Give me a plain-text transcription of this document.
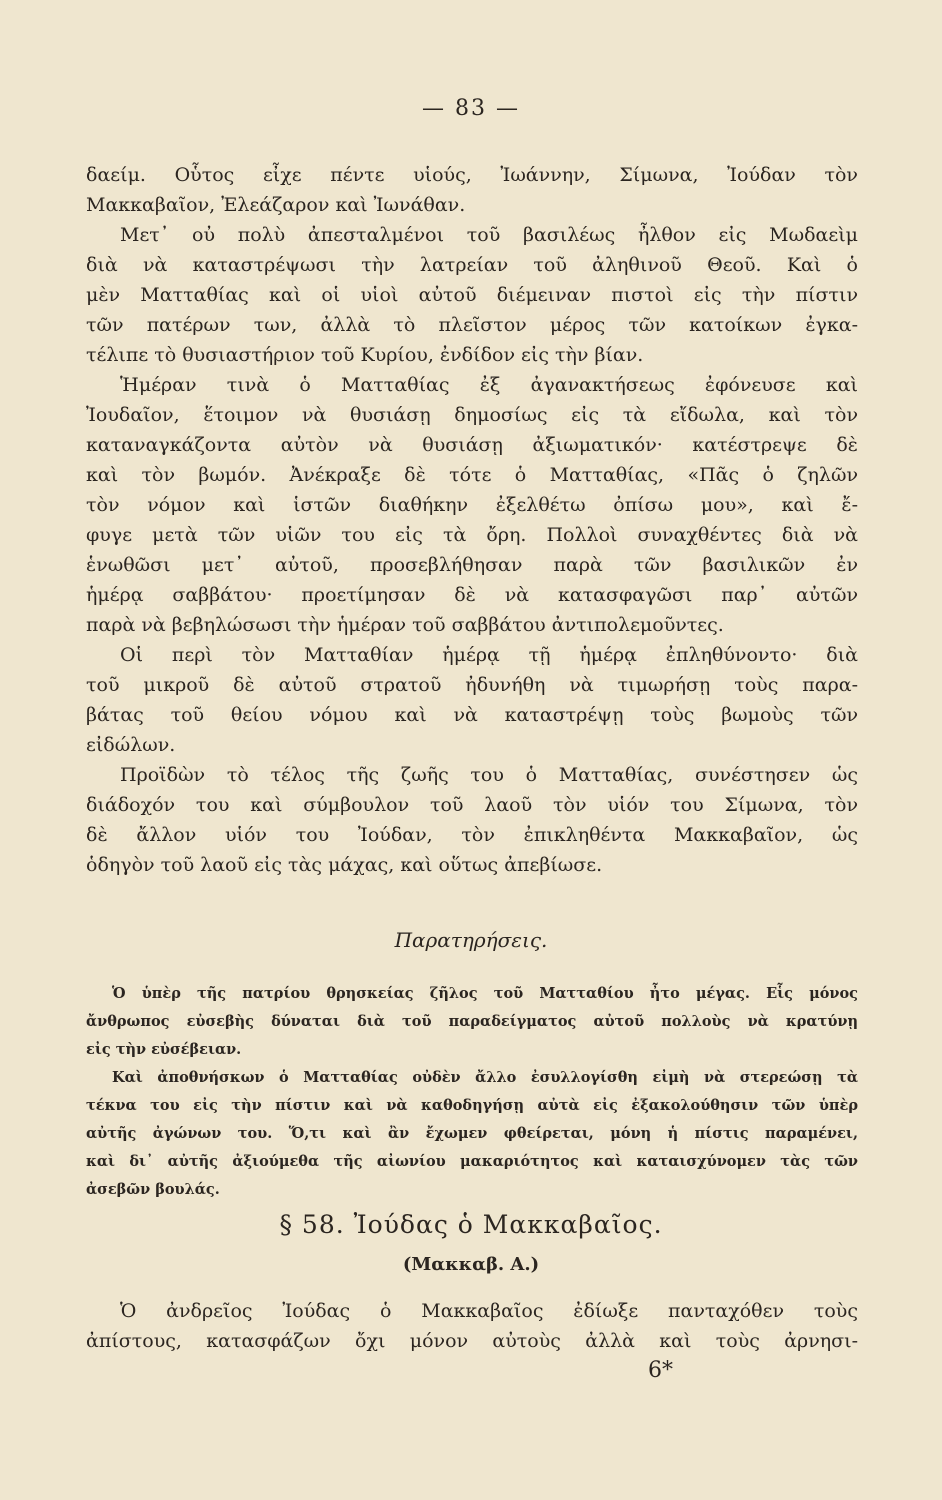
— 83 —
δαείμ. Οὗτος εἶχε πέντε υἱούς, Ἰωάννην, Σίμωνα, Ἰούδαν τὸν
Μακκαβαῖον, Ἐλεάζαρον καὶ Ἰωνάθαν.
Μετ᾽ οὐ πολὺ ἀπεσταλμένοι τοῦ βασιλέως ἦλθον εἰς Μωδαεὶμ
διὰ νὰ καταστρέψωσι τὴν λατρείαν τοῦ ἀληθινοῦ Θεοῦ. Καὶ ὁ
μὲν Ματταθίας καὶ οἱ υἱοὶ αὐτοῦ διέμειναν πιστοὶ εἰς τὴν πίστιν
τῶν πατέρων των, ἀλλὰ τὸ πλεῖστον μέρος τῶν κατοίκων ἐγκα-
τέλιπε τὸ θυσιαστήριον τοῦ Κυρίου, ἐνδίδον εἰς τὴν βίαν.
Ἡμέραν τινὰ ὁ Ματταθίας ἐξ ἀγανακτήσεως ἐφόνευσε καὶ
Ἰουδαῖον, ἕτοιμον νὰ θυσιάσῃ δημοσίως εἰς τὰ εἴδωλα, καὶ τὸν
καταναγκάζοντα αὐτὸν νὰ θυσιάσῃ ἀξιωματικόν· κατέστρεψε δὲ
καὶ τὸν βωμόν. Ἀνέκραξε δὲ τότε ὁ Ματταθίας, «Πᾶς ὁ ζηλῶν
τὸν νόμον καὶ ἱστῶν διαθήκην ἐξελθέτω ὀπίσω μου», καὶ ἔ-
φυγε μετὰ τῶν υἱῶν του εἰς τὰ ὄρη. Πολλοὶ συναχθέντες διὰ νὰ
ἑνωθῶσι μετ᾽ αὐτοῦ, προσεβλήθησαν παρὰ τῶν βασιλικῶν ἐν
ἡμέρᾳ σαββάτου· προετίμησαν δὲ νὰ κατασφαγῶσι παρ᾽ αὐτῶν
παρὰ νὰ βεβηλώσωσι τὴν ἡμέραν τοῦ σαββάτου ἀντιπολεμοῦντες.
Οἱ περὶ τὸν Ματταθίαν ἡμέρᾳ τῇ ἡμέρᾳ ἐπληθύνοντο· διὰ
τοῦ μικροῦ δὲ αὐτοῦ στρατοῦ ἠδυνήθη νὰ τιμωρήσῃ τοὺς παρα-
βάτας τοῦ θείου νόμου καὶ νὰ καταστρέψῃ τοὺς βωμοὺς τῶν
εἰδώλων.
Προϊδὼν τὸ τέλος τῆς ζωῆς του ὁ Ματταθίας, συνέστησεν ὡς
διάδοχόν του καὶ σύμβουλον τοῦ λαοῦ τὸν υἱόν του Σίμωνα, τὸν
δὲ ἄλλον υἱόν του Ἰούδαν, τὸν ἐπικληθέντα Μακκαβαῖον, ὡς
ὁδηγὸν τοῦ λαοῦ εἰς τὰς μάχας, καὶ οὕτως ἀπεβίωσε.
Παρατηρήσεις.
Ὁ ὑπὲρ τῆς πατρίου θρησκείας ζῆλος τοῦ Ματταθίου ἦτο μέγας. Εἷς μόνος
ἄνθρωπος εὐσεβὴς δύναται διὰ τοῦ παραδείγματος αὐτοῦ πολλοὺς νὰ κρατύνῃ
εἰς τὴν εὐσέβειαν.
Καὶ ἀποθνήσκων ὁ Ματταθίας οὐδὲν ἄλλο ἐσυλλογίσθη εἰμὴ νὰ στερεώσῃ τὰ
τέκνα του εἰς τὴν πίστιν καὶ νὰ καθοδηγήσῃ αὐτὰ εἰς ἐξακολούθησιν τῶν ὑπὲρ
αὐτῆς ἀγώνων του. Ὅ,τι καὶ ἂν ἔχωμεν φθείρεται, μόνη ἡ πίστις παραμένει,
καὶ δι᾽ αὐτῆς ἀξιούμεθα τῆς αἰωνίου μακαριότητος καὶ καταισχύνομεν τὰς τῶν
ἀσεβῶν βουλάς.
§ 58. Ἰούδας ὁ Μακκαβαῖος.
(Μακκαβ. Α.)
Ὁ ἀνδρεῖος Ἰούδας ὁ Μακκαβαῖος ἐδίωξε πανταχόθεν τοὺς
ἀπίστους, κατασφάζων ὄχι μόνον αὐτοὺς ἀλλὰ καὶ τοὺς ἀρνησι-
6*
